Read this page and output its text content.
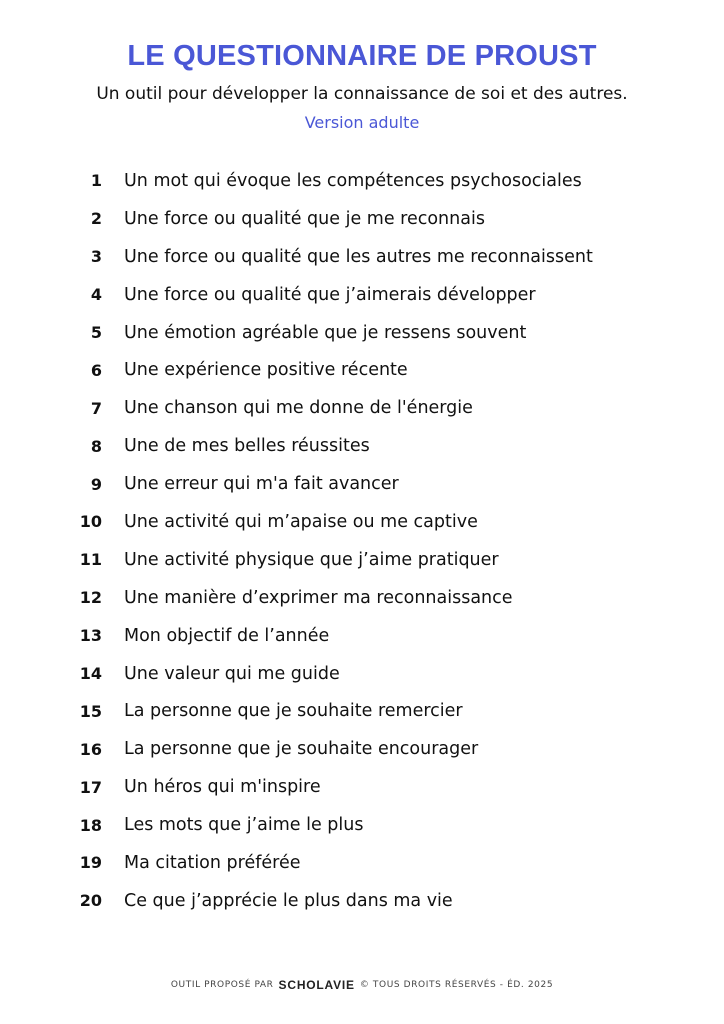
LE QUESTIONNAIRE DE PROUST
Un outil pour développer la connaissance de soi et des autres.
Version adulte
1	Un mot qui évoque les compétences psychosociales
2	Une force ou qualité que je me reconnais
3	Une force ou qualité que les autres me reconnaissent
4	Une force ou qualité que j’aimerais développer
5	Une émotion agréable que je ressens souvent
6	Une expérience positive récente
7	Une chanson qui me donne de l'énergie
8	Une de mes belles réussites
9	Une erreur qui m'a fait avancer
10	Une activité qui m’apaise ou me captive
11	Une activité physique que j’aime pratiquer
12	Une manière d’exprimer ma reconnaissance
13	Mon objectif de l’année
14	Une valeur qui me guide
15	La personne que je souhaite remercier
16	La personne que je souhaite encourager
17	Un héros qui m'inspire
18	Les mots que j’aime le plus
19	Ma citation préférée
20	Ce que j’apprécie le plus dans ma vie
OUTIL PROPOSÉ PAR SCHOLAVIE © TOUS DROITS RÉSERVÉS - ÉD. 2025
